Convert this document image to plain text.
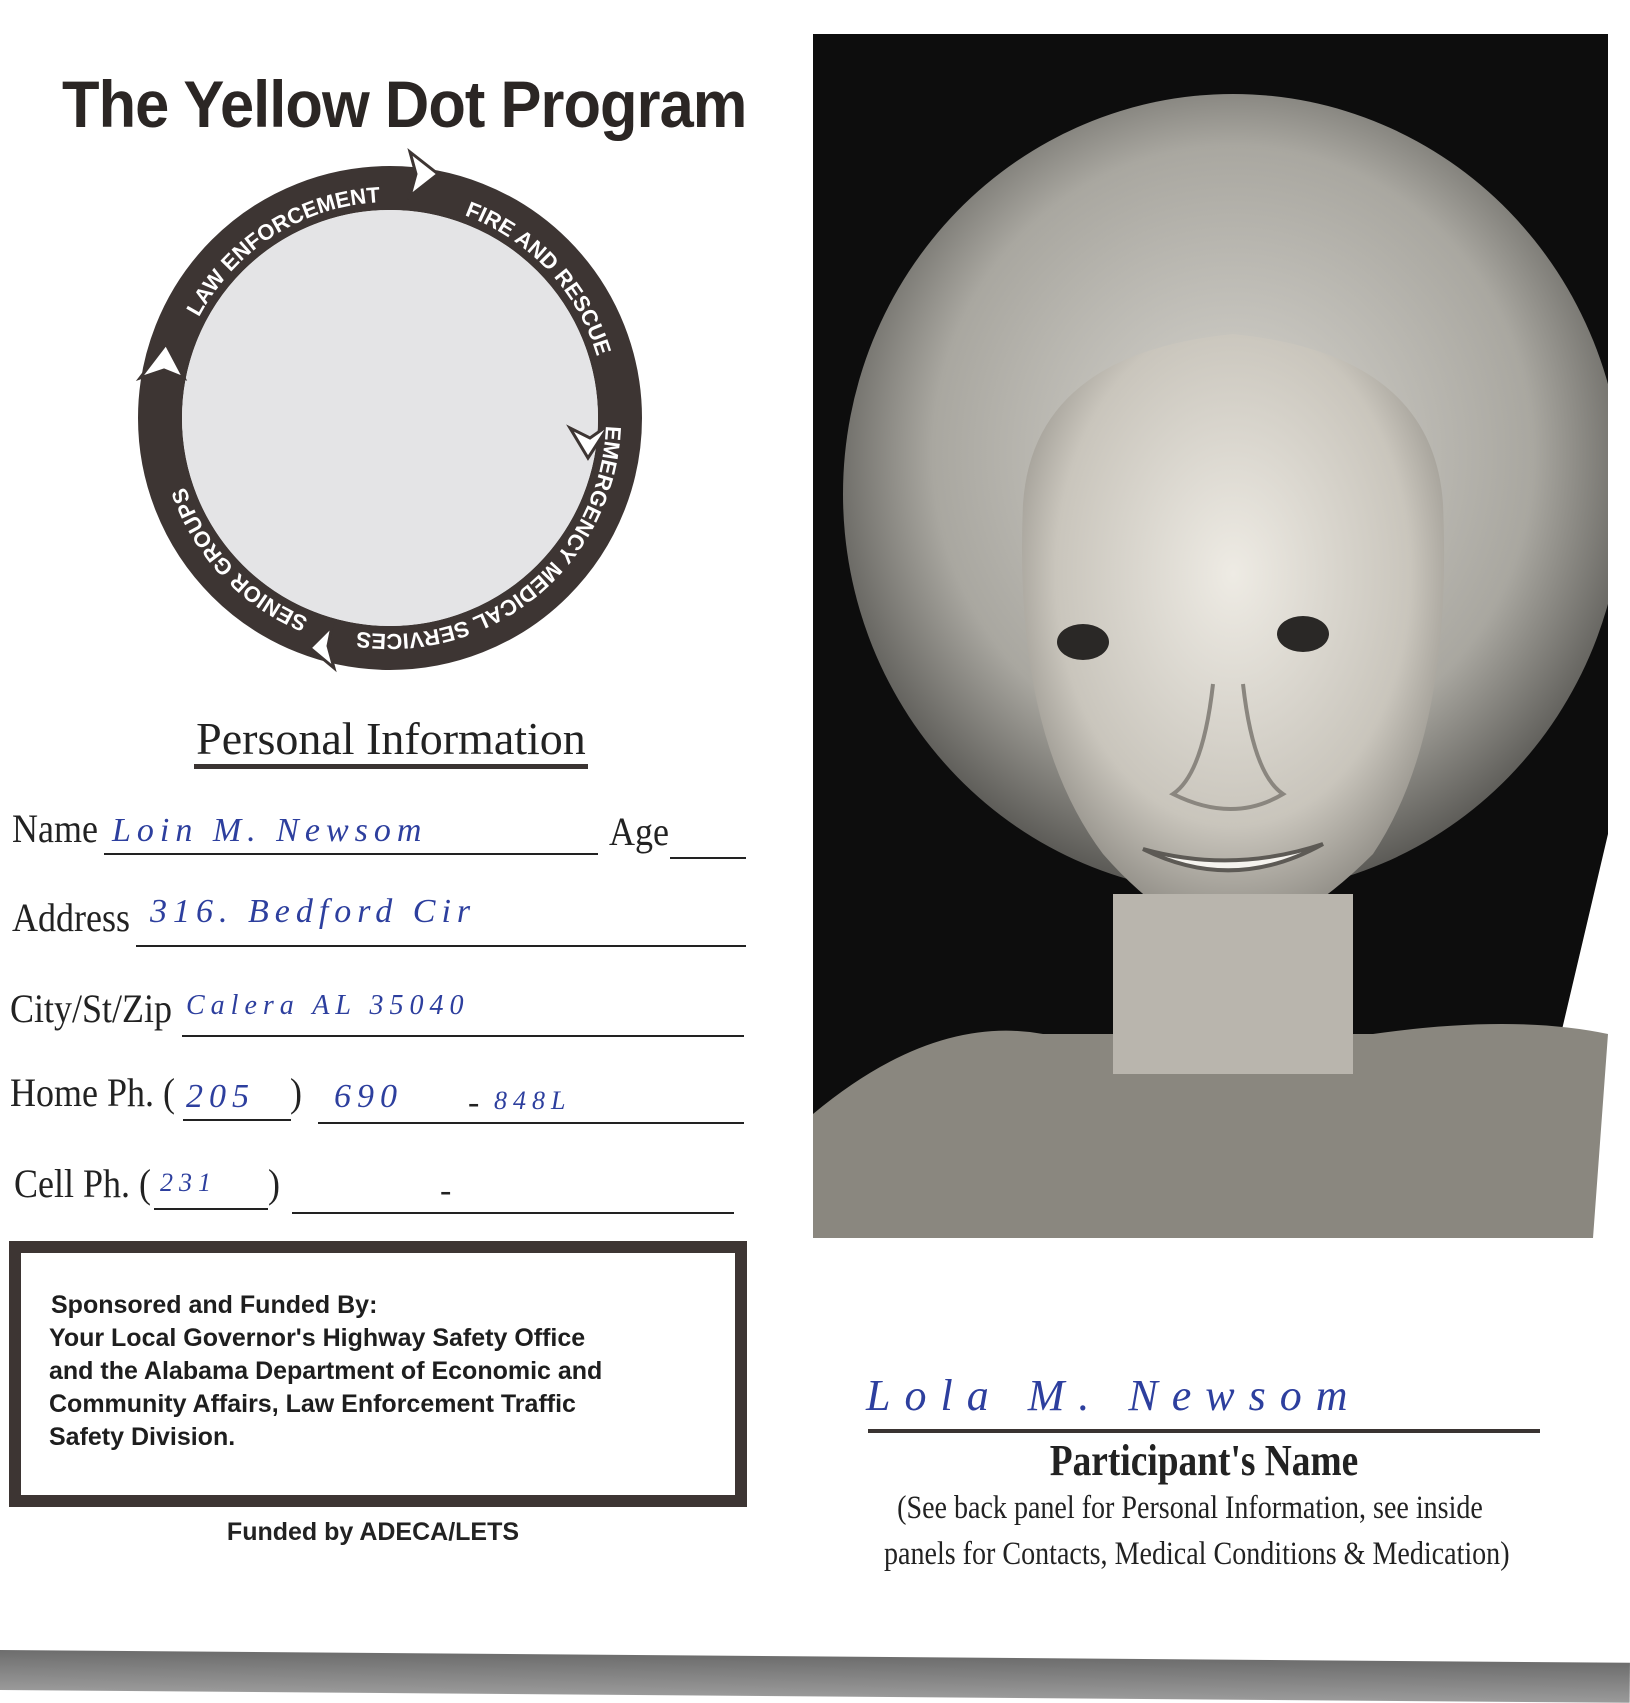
The Yellow Dot Program
LAW ENFORCEMENT
FIRE AND RESCUE
EMERGENCY MEDICAL SERVICES
SENIOR GROUPS
Personal Information
Name Loin M. Newsom	Age
Address 316. Bedford Cir
City/St/Zip Calera AL 35040
Home Ph. ( 205 ) 690 - 848L
Cell Ph. ( 231 )	-

Sponsored and Funded By:

Your Local Governor's Highway Safety Office

and the Alabama Department of Economic and

Community Affairs, Law Enforcement Traffic

Safety Division.

Funded by ADECA/LETS
Lola M. Newsom
Participant's Name
(See back panel for Personal Information, see inside
panels for Contacts, Medical Conditions & Medication)
